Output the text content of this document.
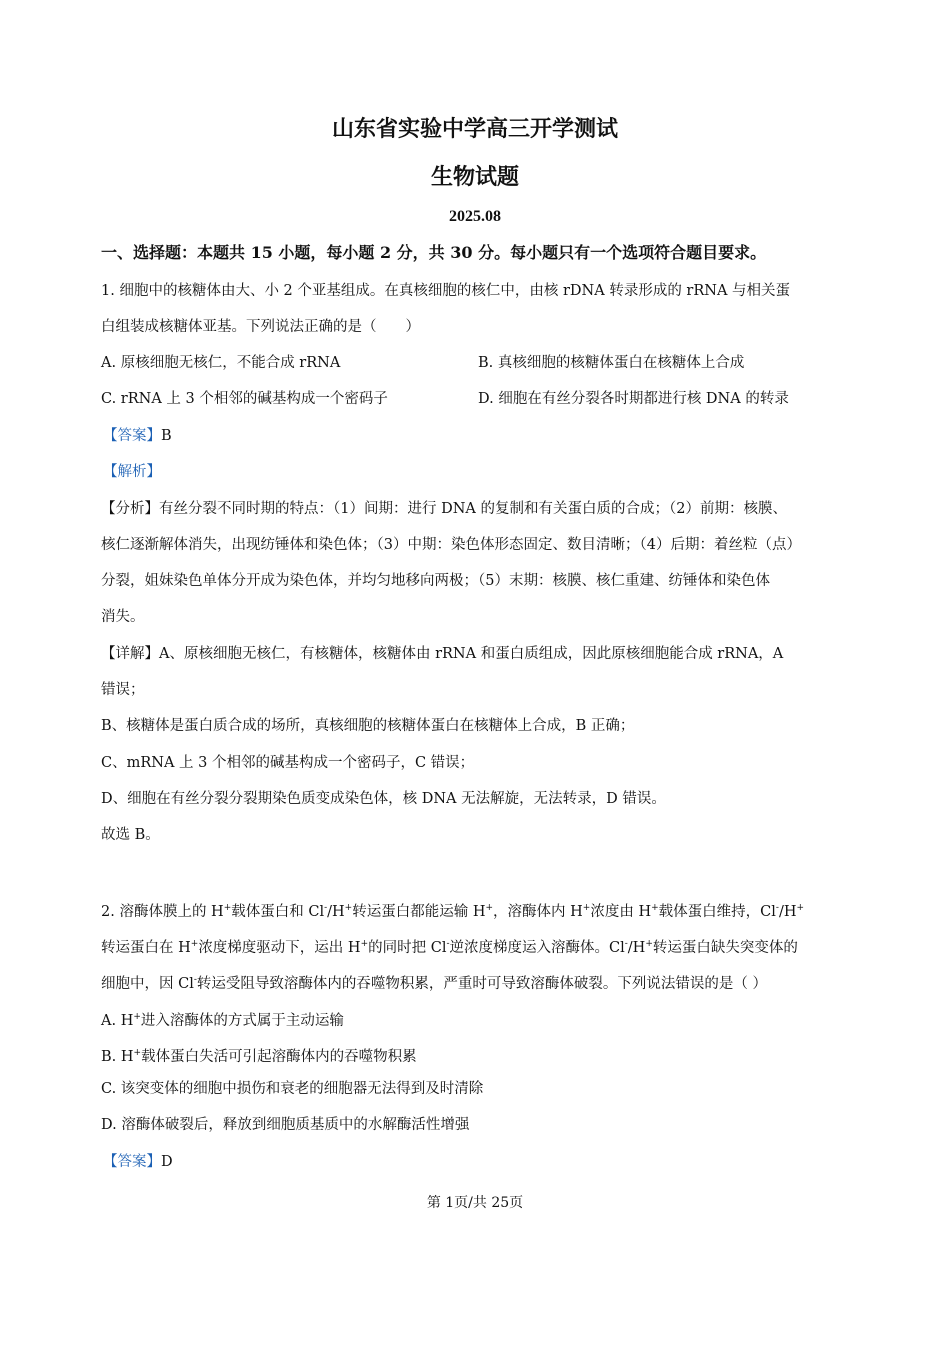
山东省实验中学高三开学测试
生物试题
2025.08
一、选择题：本题共 15 小题，每小题 2 分，共 30 分。每小题只有一个选项符合题目要求。
1. 细胞中的核糖体由大、小 2 个亚基组成。在真核细胞的核仁中，由核 rDNA 转录形成的 rRNA 与相关蛋
白组装成核糖体亚基。下列说法正确的是（　　）
A. 原核细胞无核仁，不能合成 rRNA	B. 真核细胞的核糖体蛋白在核糖体上合成
C. rRNA 上 3 个相邻的碱基构成一个密码子	D. 细胞在有丝分裂各时期都进行核 DNA 的转录
【答案】B
【解析】
【分析】有丝分裂不同时期的特点：（1）间期：进行 DNA 的复制和有关蛋白质的合成；（2）前期：核膜、
核仁逐渐解体消失，出现纺锤体和染色体；（3）中期：染色体形态固定、数目清晰；（4）后期：着丝粒（点）
分裂，姐妹染色单体分开成为染色体，并均匀地移向两极；（5）末期：核膜、核仁重建、纺锤体和染色体
消失。
【详解】A、原核细胞无核仁，有核糖体，核糖体由 rRNA 和蛋白质组成，因此原核细胞能合成 rRNA，A
错误；
B、核糖体是蛋白质合成的场所，真核细胞的核糖体蛋白在核糖体上合成，B 正确；
C、mRNA 上 3 个相邻的碱基构成一个密码子，C 错误；
D、细胞在有丝分裂分裂期染色质变成染色体，核 DNA 无法解旋，无法转录，D 错误。
故选 B。
2. 溶酶体膜上的 H+载体蛋白和 Cl-/H+转运蛋白都能运输 H+，溶酶体内 H+浓度由 H+载体蛋白维持，Cl-/H+
转运蛋白在 H+浓度梯度驱动下，运出 H+的同时把 Cl-逆浓度梯度运入溶酶体。Cl-/H+转运蛋白缺失突变体的
细胞中，因 Cl-转运受阻导致溶酶体内的吞噬物积累，严重时可导致溶酶体破裂。下列说法错误的是（ ）
A. H+进入溶酶体的方式属于主动运输
B. H+载体蛋白失活可引起溶酶体内的吞噬物积累
C. 该突变体的细胞中损伤和衰老的细胞器无法得到及时清除
D. 溶酶体破裂后，释放到细胞质基质中的水解酶活性增强
【答案】D
第 1页/共 25页
